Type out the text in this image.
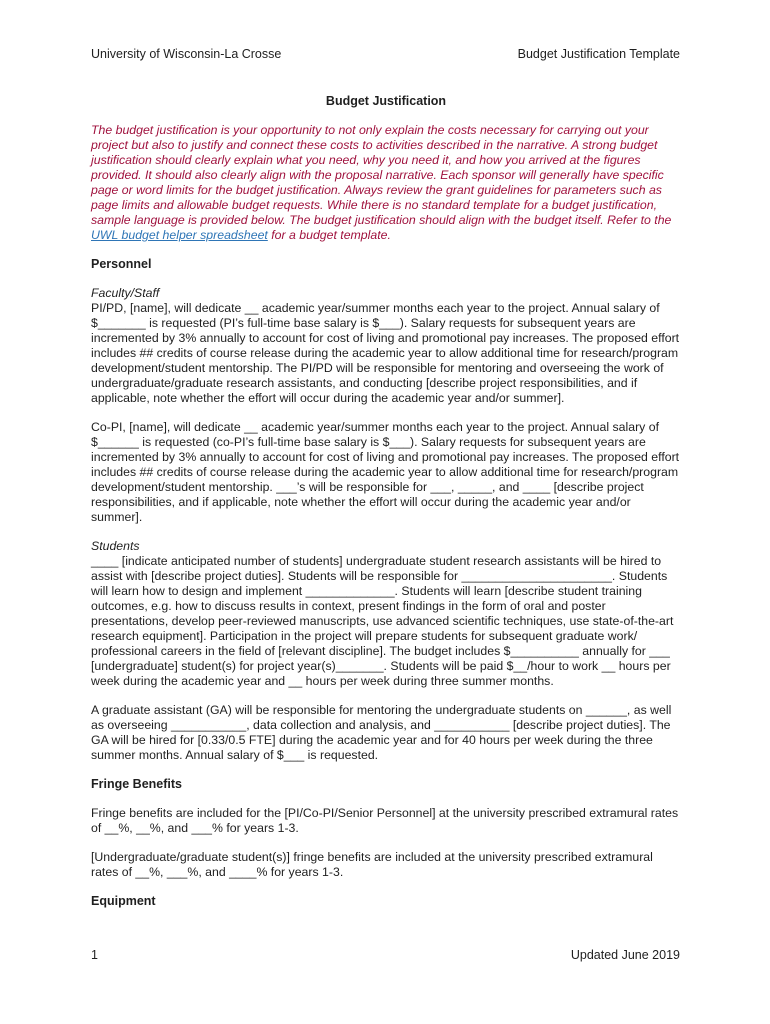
University of Wisconsin-La Crosse	Budget Justification Template
Budget Justification

The budget justification is your opportunity to not only explain the costs necessary for carrying out your project but also to justify and connect these costs to activities described in the narrative. A strong budget justification should clearly explain what you need, why you need it, and how you arrived at the figures provided. It should also clearly align with the proposal narrative. Each sponsor will generally have specific page or word limits for the budget justification. Always review the grant guidelines for parameters such as page limits and allowable budget requests. While there is no standard template for a budget justification, sample language is provided below. The budget justification should align with the budget itself. Refer to the UWL budget helper spreadsheet for a budget template.

Personnel
Faculty/Staff

PI/PD, [name], will dedicate __ academic year/summer months each year to the project. Annual salary of $_______ is requested (PI’s full-time base salary is $___). Salary requests for subsequent years are incremented by 3% annually to account for cost of living and promotional pay increases. The proposed effort includes ## credits of course release during the academic year to allow additional time for research/program development/student mentorship. The PI/PD will be responsible for mentoring and overseeing the work of undergraduate/graduate research assistants, and conducting [describe project responsibilities, and if applicable, note whether the effort will occur during the academic year and/or summer].

Co-PI, [name], will dedicate __ academic year/summer months each year to the project. Annual salary of $______ is requested (co-PI’s full-time base salary is $___). Salary requests for subsequent years are incremented by 3% annually to account for cost of living and promotional pay increases. The proposed effort includes ## credits of course release during the academic year to allow additional time for research/program development/student mentorship. ___’s will be responsible for ___, _____, and ____ [describe project responsibilities, and if applicable, note whether the effort will occur during the academic year and/or summer].

Students

____ [indicate anticipated number of students] undergraduate student research assistants will be hired to assist with [describe project duties]. Students will be responsible for ______________________. Students will learn how to design and implement _____________. Students will learn [describe student training outcomes, e.g. how to discuss results in context, present findings in the form of oral and poster presentations, develop peer-reviewed manuscripts, use advanced scientific techniques, use state-of-the-art research equipment]. Participation in the project will prepare students for subsequent graduate work/ professional careers in the field of [relevant discipline]. The budget includes $__________ annually for ___ [undergraduate] student(s) for project year(s)_______. Students will be paid $__/hour to work __ hours per week during the academic year and __ hours per week during three summer months.

A graduate assistant (GA) will be responsible for mentoring the undergraduate students on ______, as well as overseeing ___________, data collection and analysis, and ___________ [describe project duties]. The GA will be hired for [0.33/0.5 FTE] during the academic year and for 40 hours per week during the three summer months. Annual salary of $___ is requested.

Fringe Benefits

Fringe benefits are included for the [PI/Co-PI/Senior Personnel] at the university prescribed extramural rates of __%, __%, and ___% for years 1-3.

[Undergraduate/graduate student(s)] fringe benefits are included at the university prescribed extramural rates of __%, ___%, and ____% for years 1-3.

Equipment
1	Updated June 2019
